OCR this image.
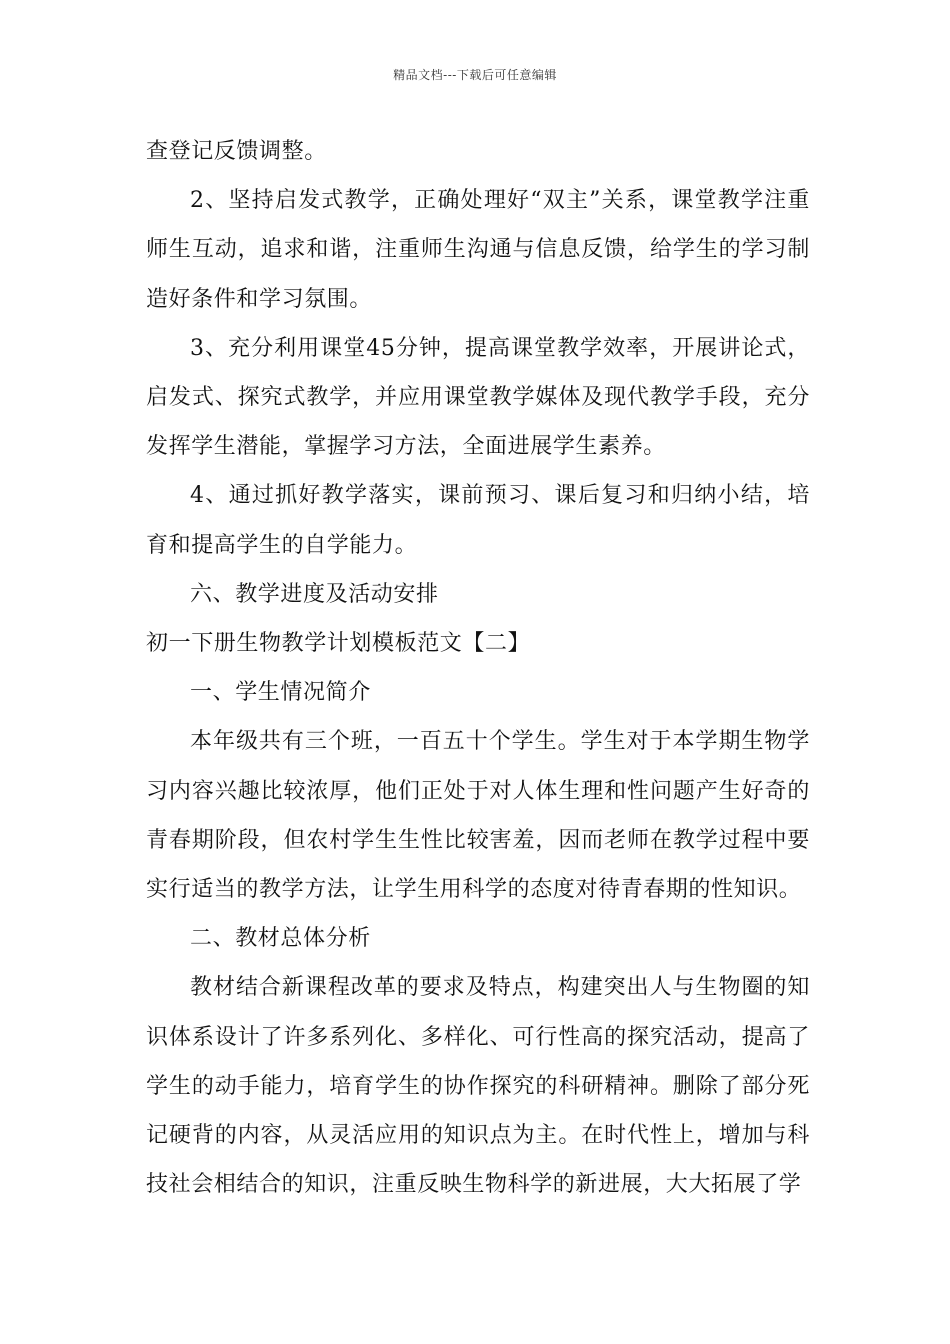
精品文档---下载后可任意编辑

查登记反馈调整。

2、坚持启发式教学，正确处理好“双主”关系，课堂教学注重师生互动，追求和谐，注重师生沟通与信息反馈，给学生的学习制造好条件和学习氛围。

3、充分利用课堂45分钟，提高课堂教学效率，开展讲论式，启发式、探究式教学，并应用课堂教学媒体及现代教学手段，充分发挥学生潜能，掌握学习方法，全面进展学生素养。

4、通过抓好教学落实，课前预习、课后复习和归纳小结，培育和提高学生的自学能力。

六、教学进度及活动安排

初一下册生物教学计划模板范文【二】

一、学生情况简介

本年级共有三个班，一百五十个学生。学生对于本学期生物学习内容兴趣比较浓厚，他们正处于对人体生理和性问题产生好奇的青春期阶段，但农村学生生性比较害羞，因而老师在教学过程中要实行适当的教学方法，让学生用科学的态度对待青春期的性知识。

二、教材总体分析

教材结合新课程改革的要求及特点，构建突出人与生物圈的知识体系设计了许多系列化、多样化、可行性高的探究活动，提高了学生的动手能力，培育学生的协作探究的科研精神。删除了部分死记硬背的内容，从灵活应用的知识点为主。在时代性上，增加与科技社会相结合的知识，注重反映生物科学的新进展，大大拓展了学
